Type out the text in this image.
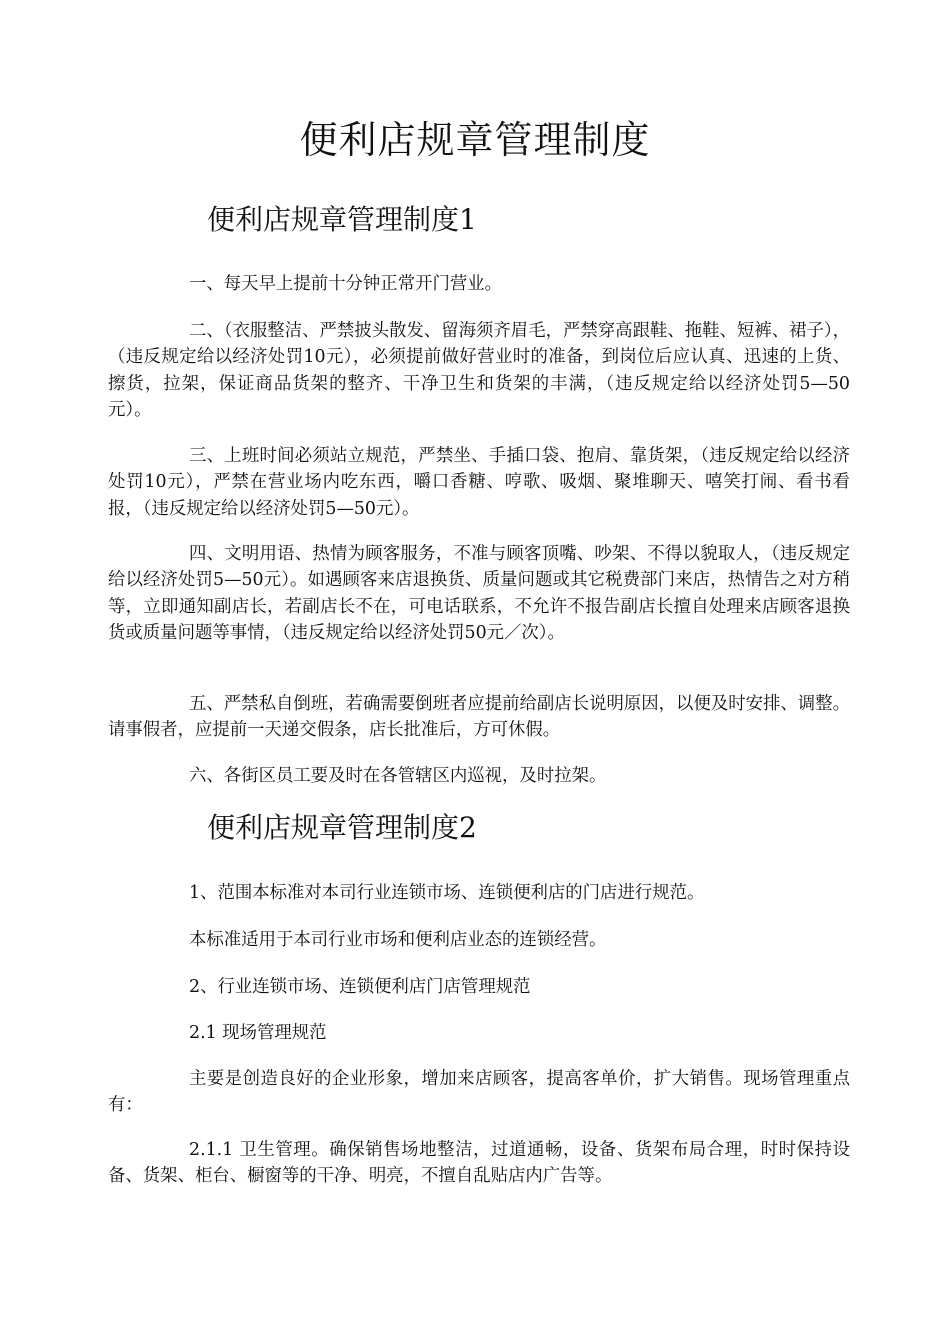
便利店规章管理制度
便利店规章管理制度1

一、每天早上提前十分钟正常开门营业。

二、（衣服整洁、严禁披头散发、留海须齐眉毛，严禁穿高跟鞋、拖鞋、短裤、裙子），（违反规定给以经济处罚10元），必须提前做好营业时的准备，到岗位后应认真、迅速的上货、擦货，拉架，保证商品货架的整齐、干净卫生和货架的丰满，（违反规定给以经济处罚5—50元）。

三、上班时间必须站立规范，严禁坐、手插口袋、抱肩、靠货架，（违反规定给以经济处罚10元），严禁在营业场内吃东西，嚼口香糖、哼歌、吸烟、聚堆聊天、嘻笑打闹、看书看报，（违反规定给以经济处罚5—50元）。

四、文明用语、热情为顾客服务，不准与顾客顶嘴、吵架、不得以貌取人，（违反规定给以经济处罚5—50元）。如遇顾客来店退换货、质量问题或其它税费部门来店，热情告之对方稍等，立即通知副店长，若副店长不在，可电话联系，不允许不报告副店长擅自处理来店顾客退换货或质量问题等事情，（违反规定给以经济处罚50元／次）。

五、严禁私自倒班，若确需要倒班者应提前给副店长说明原因，以便及时安排、调整。请事假者，应提前一天递交假条，店长批准后，方可休假。

六、各街区员工要及时在各管辖区内巡视，及时拉架。

便利店规章管理制度2

1、范围本标准对本司行业连锁市场、连锁便利店的门店进行规范。

本标准适用于本司行业市场和便利店业态的连锁经营。

2、行业连锁市场、连锁便利店门店管理规范

2.1 现场管理规范

主要是创造良好的企业形象，增加来店顾客，提高客单价，扩大销售。现场管理重点有：

2.1.1 卫生管理。确保销售场地整洁，过道通畅，设备、货架布局合理，时时保持设备、货架、柜台、橱窗等的干净、明亮，不擅自乱贴店内广告等。
